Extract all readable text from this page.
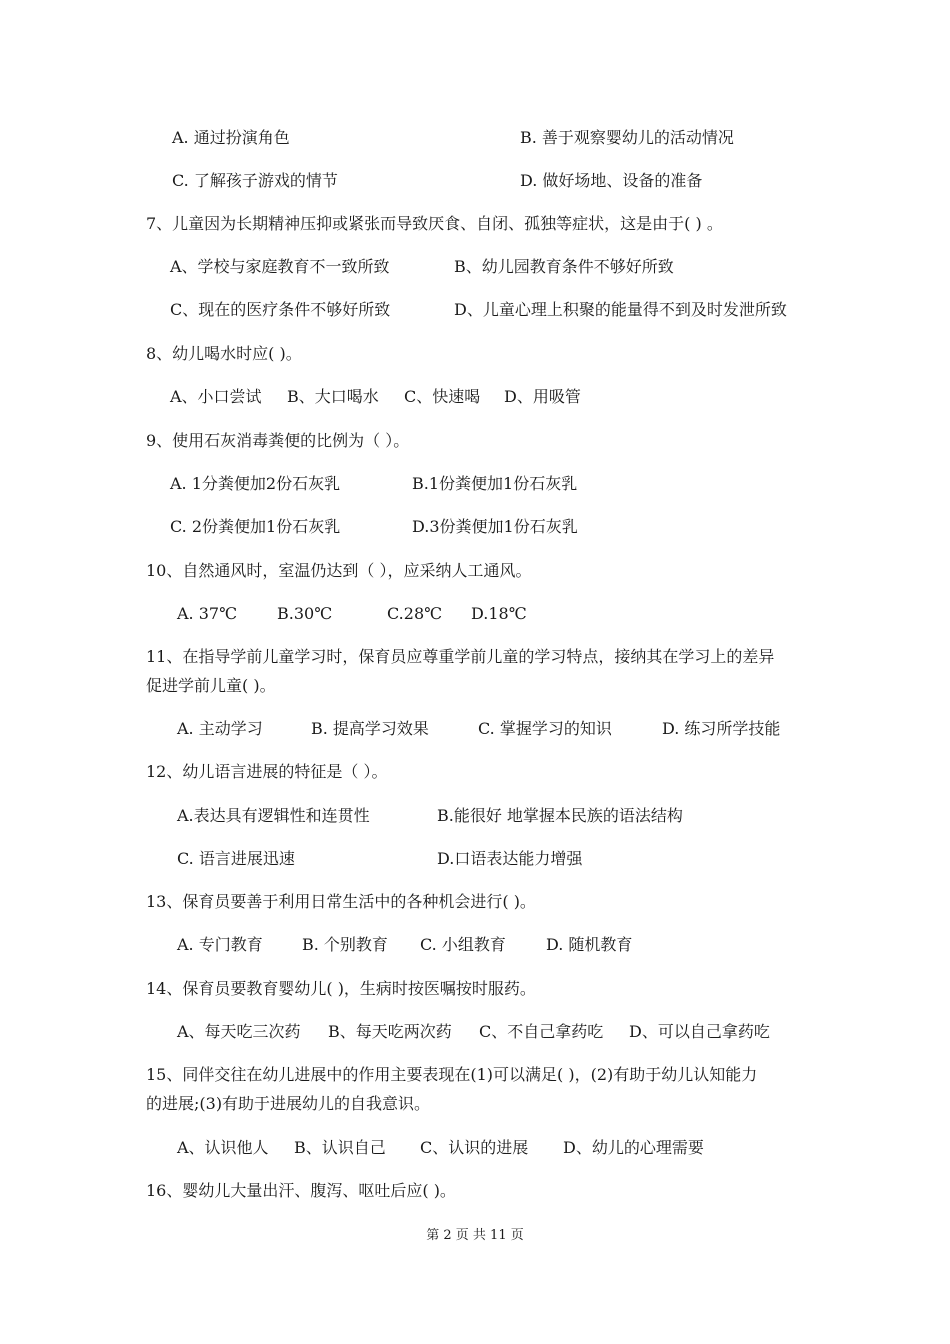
A. 通过扮演角色	B. 善于观察婴幼儿的活动情况
C. 了解孩子游戏的情节	D. 做好场地、设备的准备
7、儿童因为长期精神压抑或紧张而导致厌食、自闭、孤独等症状，这是由于( ) 。
A、学校与家庭教育不一致所致	B、幼儿园教育条件不够好所致
C、现在的医疗条件不够好所致	D、儿童心理上积聚的能量得不到及时发泄所致
8、幼儿喝水时应( )。
A、小口尝试 B、大口喝水 C、快速喝 D、用吸管
9、使用石灰消毒粪便的比例为（ ）。
A. 1分粪便加2份石灰乳	B.1份粪便加1份石灰乳
C. 2份粪便加1份石灰乳	D.3份粪便加1份石灰乳
10、自然通风时，室温仍达到（ ），应采纳人工通风。
A. 37℃	B.30℃	C.28℃ D.18℃
11、在指导学前儿童学习时，保育员应尊重学前儿童的学习特点，接纳其在学习上的差异
促进学前儿童( )。
A. 主动学习	B. 提高学习效果	C. 掌握学习的知识	D. 练习所学技能
12、幼儿语言进展的特征是（ ）。
A.表达具有逻辑性和连贯性	B.能很好 地掌握本民族的语法结构
C. 语言进展迅速	D.口语表达能力增强
13、保育员要善于利用日常生活中的各种机会进行( )。
A. 专门教育 B. 个别教育 C. 小组教育	D. 随机教育
14、保育员要教育婴幼儿( )，生病时按医嘱按时服药。
A、每天吃三次药 B、每天吃两次药 C、不自己拿药吃 D、可以自己拿药吃
15、同伴交往在幼儿进展中的作用主要表现在(1)可以满足( )，(2)有助于幼儿认知能力
的进展;(3)有助于进展幼儿的自我意识。
A、认识他人 B、认识自己 C、认识的进展 D、幼儿的心理需要
16、婴幼儿大量出汗、腹泻、呕吐后应( )。
第 2 页 共 11 页
